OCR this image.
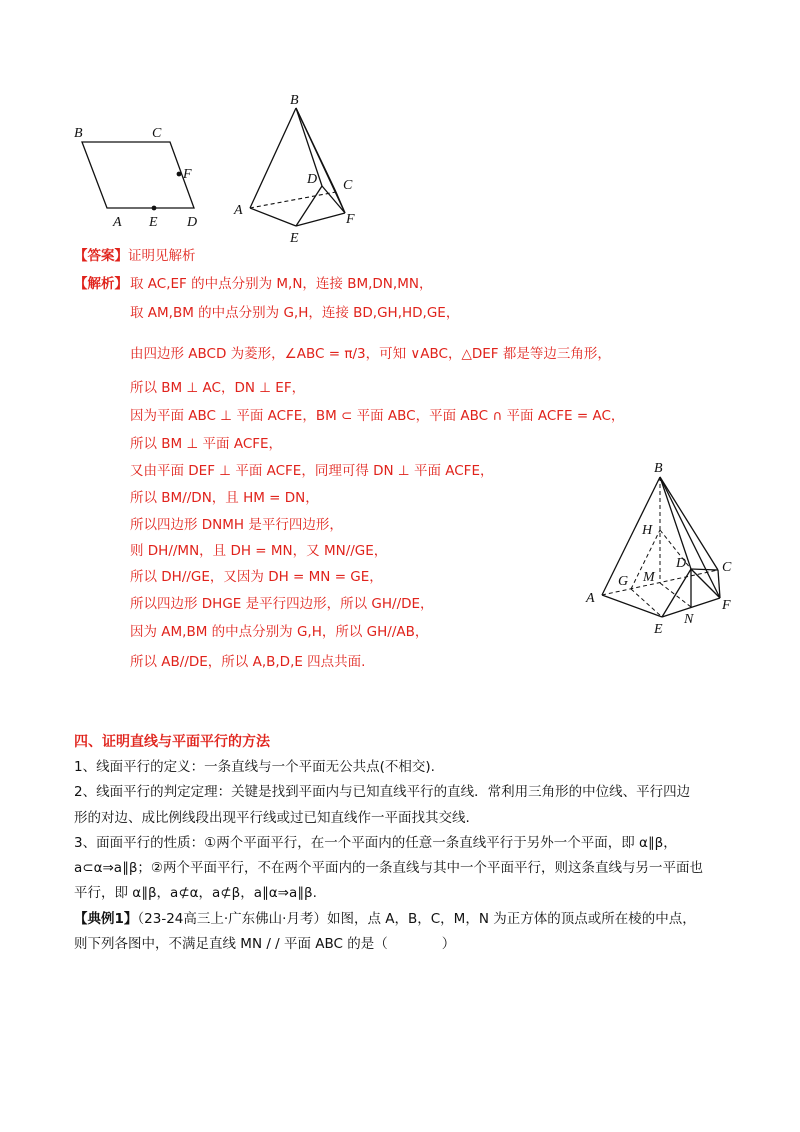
B	C
F
A E D
B
D C
A
F
E
【答案】证明见解析
【解析】 取 AC,EF 的中点分别为 M,N，连接 BM,DN,MN，
取 AM,BM 的中点分别为 G,H，连接 BD,GH,HD,GE，
由四边形 ABCD 为菱形，∠ABC = π/3，可知 ∨ABC，△DEF 都是等边三角形，
所以 BM ⊥ AC，DN ⊥ EF，
因为平面 ABC ⊥ 平面 ACFE，BM ⊂ 平面 ABC，平面 ABC ∩ 平面 ACFE = AC，
所以 BM ⊥ 平面 ACFE，
又由平面 DEF ⊥ 平面 ACFE，同理可得 DN ⊥ 平面 ACFE，
所以 BM//DN，且 HM = DN，
所以四边形 DNMH 是平行四边形，
则 DH//MN，且 DH = MN，又 MN//GE，
所以 DH//GE，又因为 DH = MN = GE，
所以四边形 DHGE 是平行四边形，所以 GH//DE，
因为 AM,BM 的中点分别为 G,H，所以 GH//AB，
所以 AB//DE，所以 A,B,D,E 四点共面.
B
H
D	C
G M
A	F
E
N
四、证明直线与平面平行的方法
1、线面平行的定义：一条直线与一个平面无公共点(不相交).
2、线面平行的判定定理：关键是找到平面内与已知直线平行的直线．常利用三角形的中位线、平行四边
形的对边、成比例线段出现平行线或过已知直线作一平面找其交线.
3、面面平行的性质：①两个平面平行，在一个平面内的任意一条直线平行于另外一个平面，即 α∥β，
a⊂α⇒a∥β；②两个平面平行，不在两个平面内的一条直线与其中一个平面平行，则这条直线与另一平面也
平行，即 α∥β，a⊄α，a⊄β，a∥α⇒a∥β.
【典例1】（23-24高三上·广东佛山·月考）如图，点 A，B，C，M，N 为正方体的顶点或所在棱的中点，
则下列各图中，不满足直线 MN / / 平面 ABC 的是（　　　　）
